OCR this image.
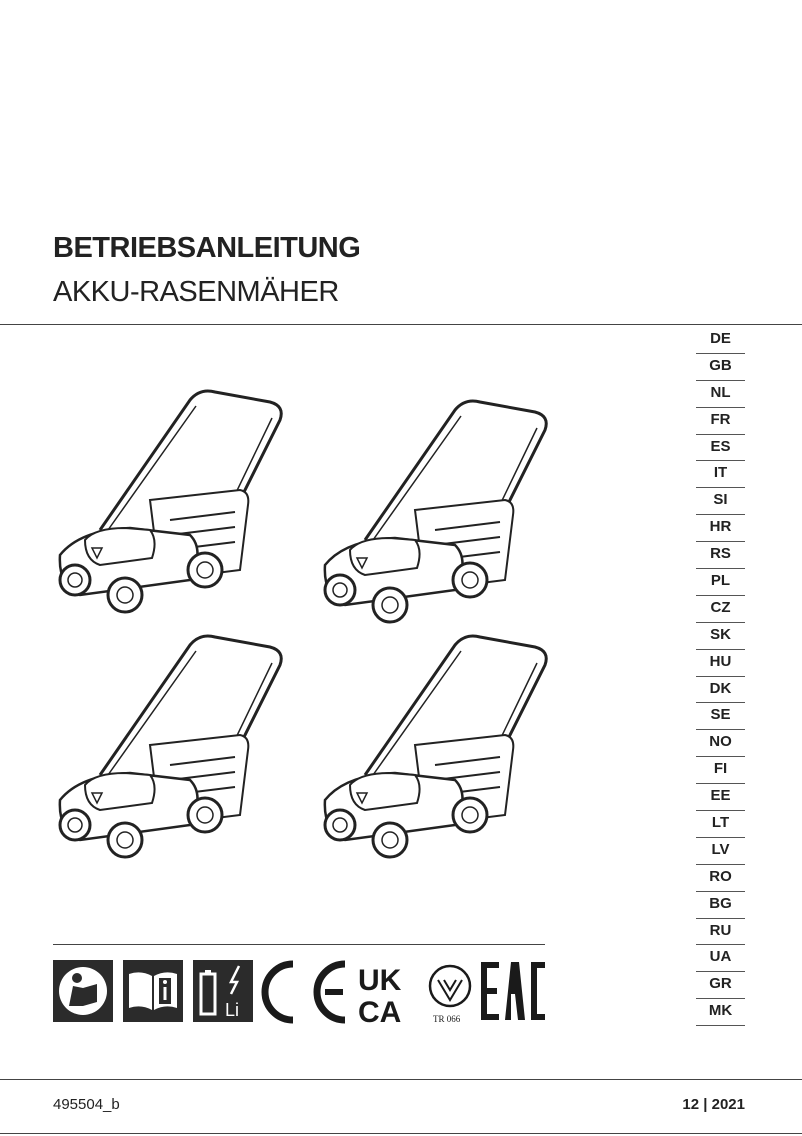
BETRIEBSANLEITUNG
AKKU-RASENMÄHER
DE
GB
NL
FR
ES
IT
SI
HR
RS
PL
CZ
SK
HU
DK
SE
NO
FI
EE
LT
LV
RO
BG
RU
UA
GR
MK
Li
UK
CA	TR 066
495504_b	12 | 2021
